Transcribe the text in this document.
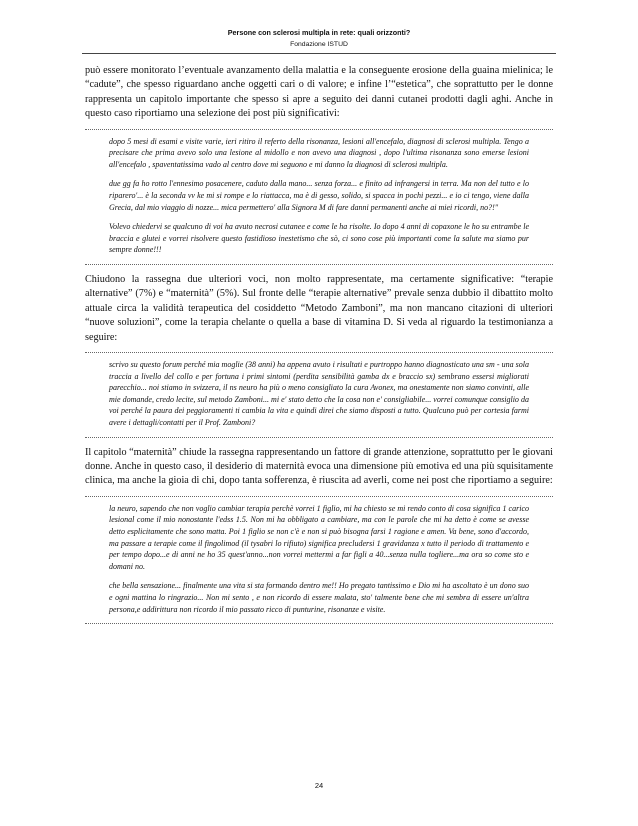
Persone con sclerosi multipla in rete: quali orizzonti?
Fondazione ISTUD

può essere monitorato l’eventuale avanzamento della malattia e la conseguente erosione della guaina mielinica; le “cadute”, che spesso riguardano anche oggetti cari o di valore; e infine l’“estetica”, che soprattutto per le donne rappresenta un capitolo importante che spesso si apre a seguito dei danni cutanei prodotti dagli aghi. Anche in questo caso riportiamo una selezione dei post più significativi:

dopo 5 mesi di esami e visite varie, ieri ritiro il referto della risonanza, lesioni all'encefalo, diagnosi di sclerosi multipla. Tengo a precisare che prima avevo solo una lesione al midollo e non avevo una diagnosi , dopo l'ultima risonanza sono emerse lesioni all'encefalo , spaventatissima vado al centro dove mi seguono e mi danno la diagnosi di sclerosi multipla.

due gg fa ho rotto l'ennesimo posacenere, caduto dalla mano... senza forza... e finito ad infrangersi in terra. Ma non del tutto e lo riparero'... è la seconda vv ke mi si rompe e lo riattacca, ma è di gesso, solido, si spacca in pochi pezzi... e io ci tengo, viene dalla Grecia, dal mio viaggio di nozze... mica permettero' alla Signora M di fare danni permanenti anche ai miei ricordi, no?!"

Volevo chiedervi se qualcuno di voi ha avuto necrosi cutanee e come le ha risolte. Io dopo 4 anni di copaxone le ho su entrambe le braccia e glutei e vorrei risolvere questo fastidioso inestetismo che sò, ci sono cose più importanti come la salute ma siamo pur sempre donne!!!

Chiudono la rassegna due ulteriori voci, non molto rappresentate, ma certamente significative: “terapie alternative” (7%) e “maternità” (5%). Sul fronte delle “terapie alternative” prevale senza dubbio il dibattito molto attuale circa la validità terapeutica del cosiddetto “Metodo Zamboni”, ma non mancano citazioni di ulteriori “nuove soluzioni”, come la terapia chelante o quella a base di vitamina D. Si veda al riguardo la testimonianza a seguire:

scrivo su questo forum perché mia moglie (38 anni) ha appena avuto i risultati e purtroppo hanno diagnosticato una sm - una sola traccia a livello del collo e per fortuna i primi sintomi (perdita sensibilità gamba dx e braccio sx) sembrano essersi migliorati parecchio... noi stiamo in svizzera, il ns neuro ha più o meno consigliato la cura Avonex, ma onestamente non siamo convinti, alle mie domande, credo lecite, sul metodo Zamboni... mi e' stato detto che la cosa non e' consigliabile... vorrei comunque consiglio da voi perché la paura dei peggioramenti ti cambia la vita e quindi direi che siamo disposti a tutto. Qualcuno può per cortesia farmi avere i dettagli/contatti per il Prof. Zamboni?

Il capitolo “maternità” chiude la rassegna rappresentando un fattore di grande attenzione, soprattutto per le giovani donne. Anche in questo caso, il desiderio di maternità evoca una dimensione più emotiva ed una più squisitamente clinica, ma anche la gioia di chi, dopo tanta sofferenza, è riuscita ad averli, come nei post che riportiamo a seguire:

la neuro, sapendo che non voglio cambiar terapia perchè vorrei 1 figlio, mi ha chiesto se mi rendo conto di cosa significa 1 carico lesional come il mio nonostante l'edss 1.5. Non mi ha obbligato a cambiare, ma con le parole che mi ha detto è come se avesse detto esplicitamente che sono matta. Poi 1 figlio se non c'è e non si può bisogna farsi 1 ragione e amen. Va bene, sono d'accordo, ma passare a terapie come il fingolimod (il tysabri lo rifiuto) significa precludersi 1 gravidanza x tutto il periodo di trattamento e per tempo dopo...e di anni ne ho 35 quest'anno...non vorrei mettermi a far figli a 40...senza nulla togliere...ma ora so come sto e domani no.

che bella sensazione... finalmente una vita si sta formando dentro me!! Ho pregato tantissimo e Dio mi ha ascoltato è un dono suo e ogni mattina lo ringrazio... Non mi sento , e non ricordo di essere malata, sto' talmente bene che mi sembra di essere un'altra persona,e addirittura non ricordo il mio passato ricco di punturine, risonanze e visite.

24
